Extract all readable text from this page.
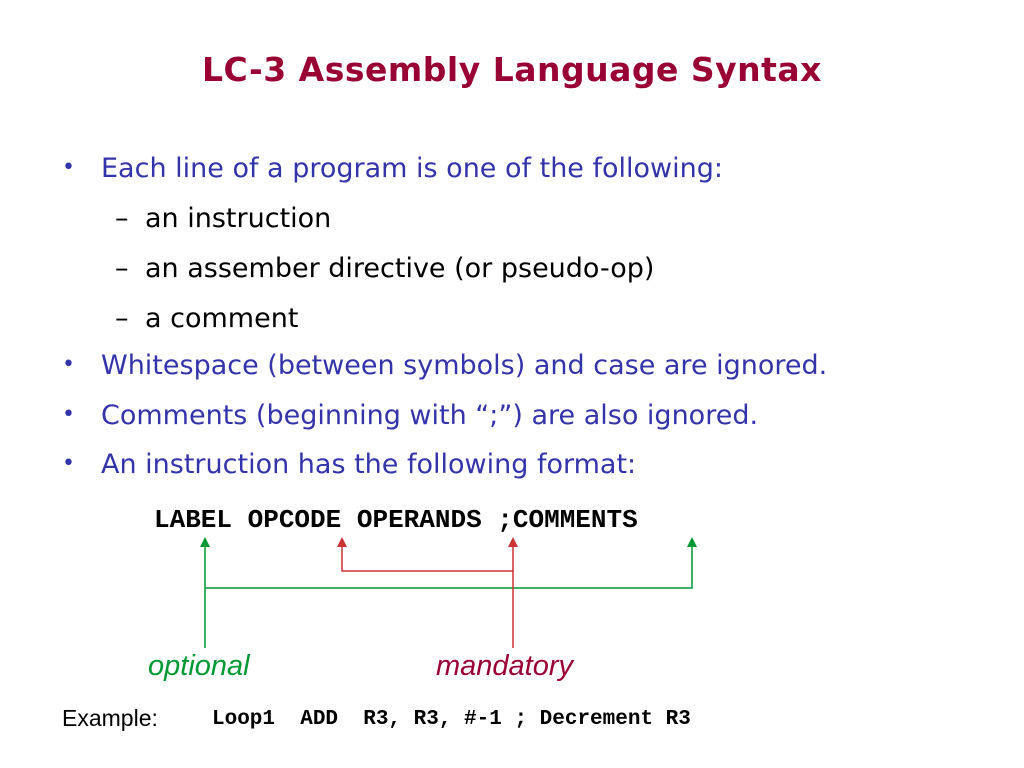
LC-3 Assembly Language Syntax
• Each line of a program is one of the following:
– an instruction
– an assember directive (or pseudo-op)
– a comment
• Whitespace (between symbols) and case are ignored.
• Comments (beginning with “;”) are also ignored.
• An instruction has the following format:
LABEL OPCODE OPERANDS ;COMMENTS
optional	mandatory
Example:	Loop1  ADD  R3, R3, #-1 ; Decrement R3
